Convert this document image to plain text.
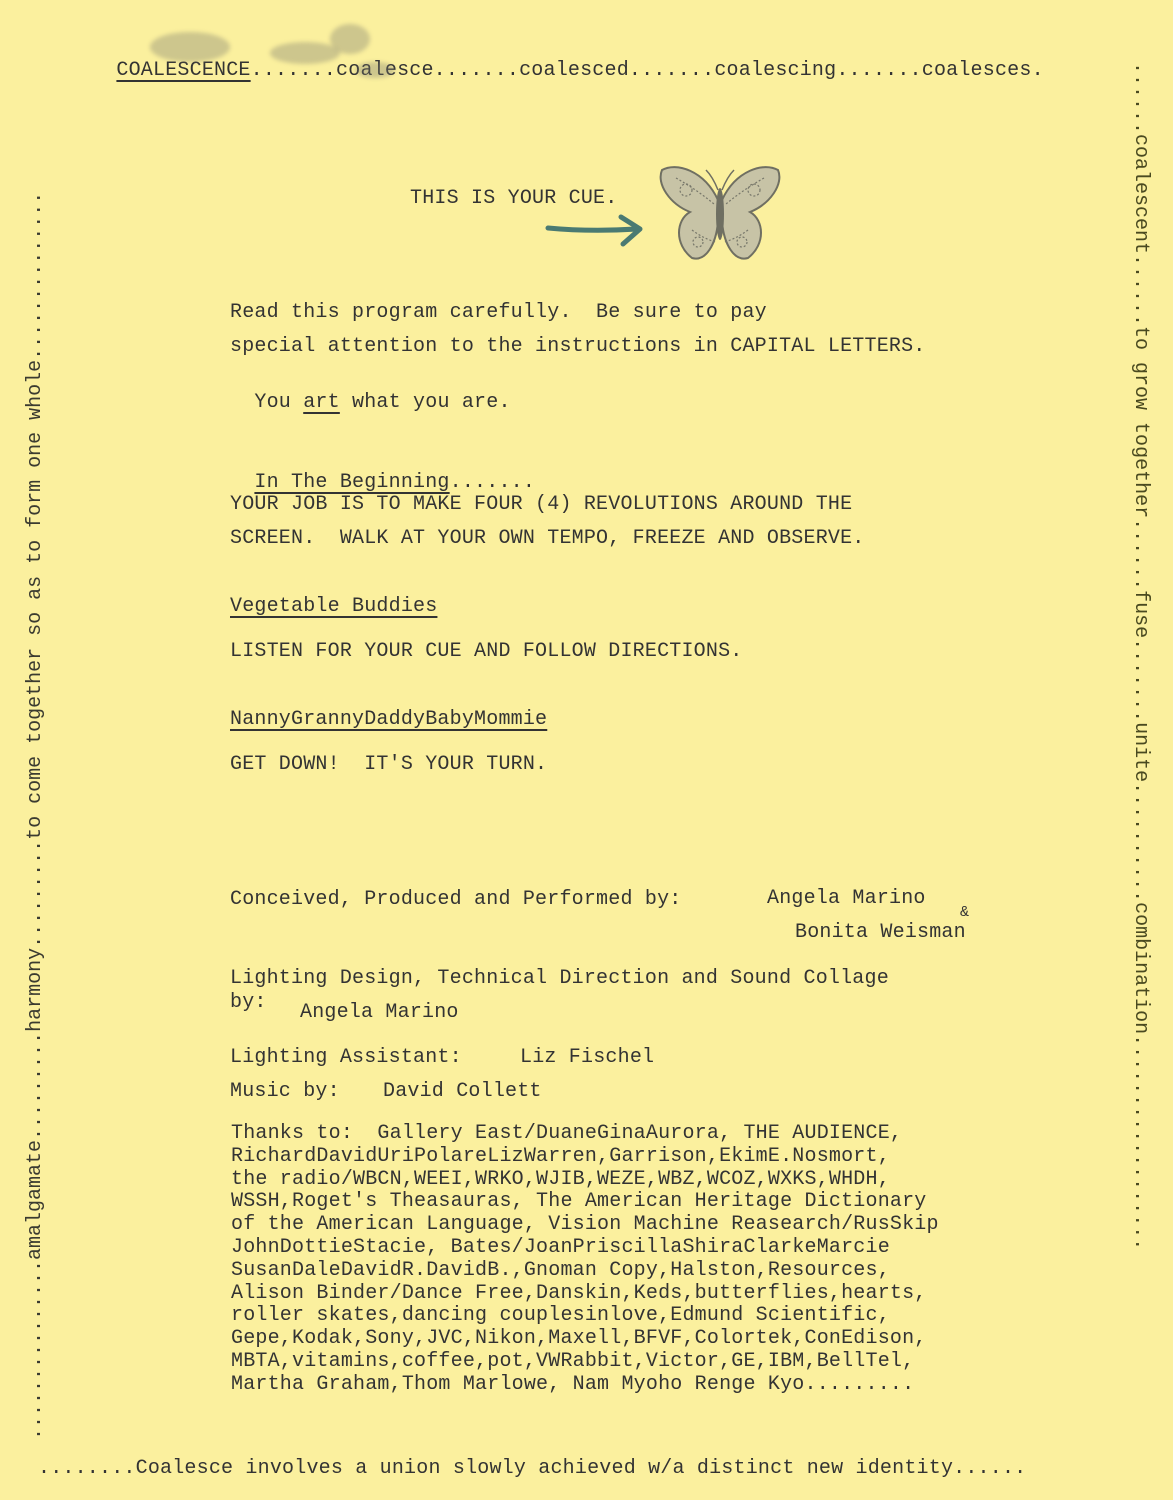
COALESCENCE.......coalesce.......coalesced.......coalescing.......coalesces.

...............amalgamate.........harmony.........to come together so as to form one whole..............	......coalescent......to grow together......fuse.......unite..........combination..................
THIS IS YOUR CUE.
Read this program carefully.  Be sure to pay
special attention to the instructions in CAPITAL LETTERS.

You art what you are.

In The Beginning.......

YOUR JOB IS TO MAKE FOUR (4) REVOLUTIONS AROUND THE
SCREEN.  WALK AT YOUR OWN TEMPO, FREEZE AND OBSERVE.
Vegetable Buddies
LISTEN FOR YOUR CUE AND FOLLOW DIRECTIONS.
NannyGrannyDaddyBabyMommie
GET DOWN!  IT'S YOUR TURN.
Conceived, Produced and Performed by:	Angela Marino
&
Bonita Weisman
Lighting Design, Technical Direction and Sound Collage
by: Angela Marino
Lighting Assistant:	Liz Fischel
Music by: David Collett
Thanks to:  Gallery East/DuaneGinaAurora, THE AUDIENCE,
RichardDavidUriPolareLizWarren,Garrison,EkimE.Nosmort,
the radio/WBCN,WEEI,WRKO,WJIB,WEZE,WBZ,WCOZ,WXKS,WHDH,
WSSH,Roget's Theasauras, The American Heritage Dictionary
of the American Language, Vision Machine Reasearch/RusSkip
JohnDottieStacie, Bates/JoanPriscillaShiraClarkeMarcie
SusanDaleDavidR.DavidB.,Gnoman Copy,Halston,Resources,
Alison Binder/Dance Free,Danskin,Keds,butterflies,hearts,
roller skates,dancing couplesinlove,Edmund Scientific,
Gepe,Kodak,Sony,JVC,Nikon,Maxell,BFVF,Colortek,ConEdison,
MBTA,vitamins,coffee,pot,VWRabbit,Victor,GE,IBM,BellTel,
Martha Graham,Thom Marlowe, Nam Myoho Renge Kyo.........
........Coalesce involves a union slowly achieved w/a distinct new identity......
